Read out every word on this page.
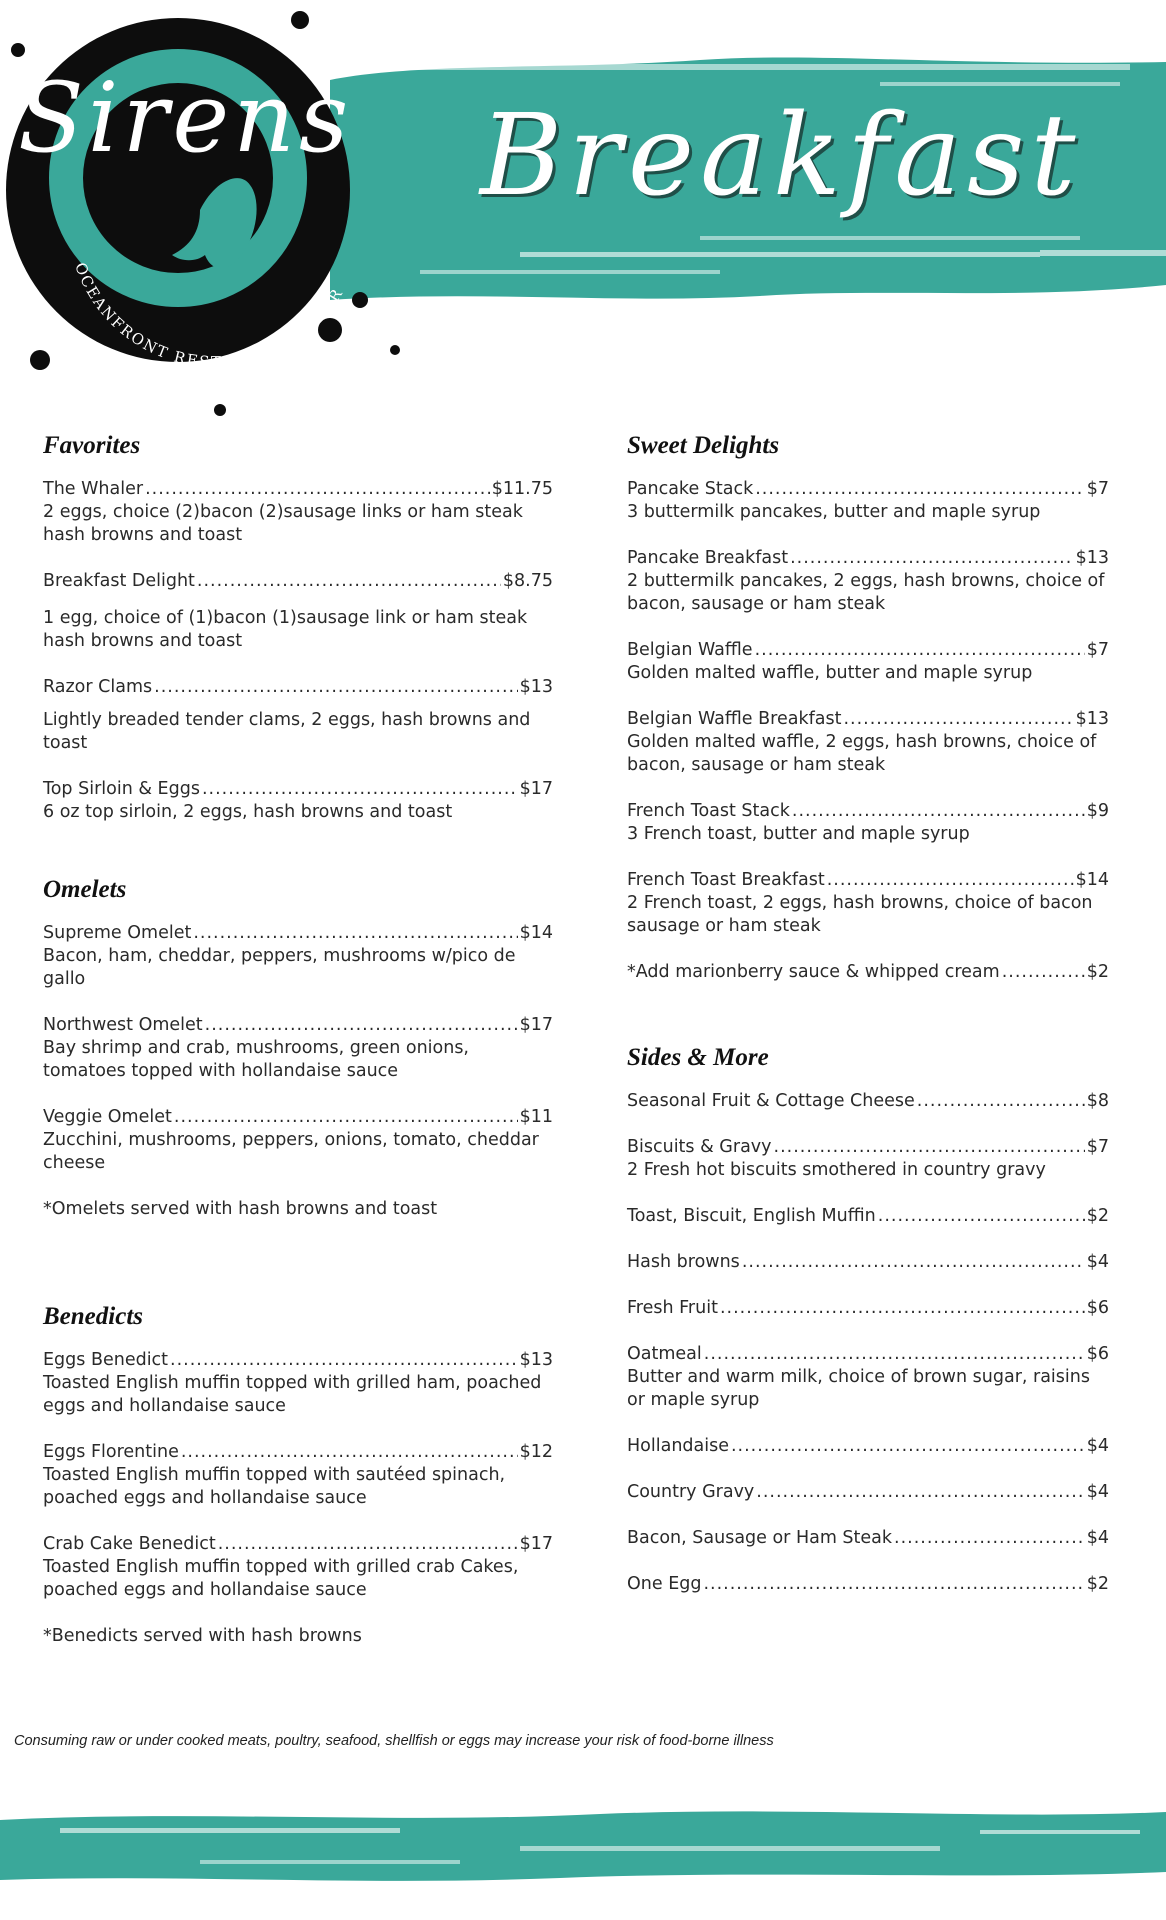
Sirens
OCEANFRONT RESTAURANT & BAR
Breakfast
Favorites
The Whaler .....	$11.75
2 eggs, choice (2)bacon (2)sausage links or ham steak hash browns and toast
Breakfast Delight .....	$8.75
1 egg, choice of (1)bacon (1)sausage link or ham steak hash browns and toast
Razor Clams .....	$13
Lightly breaded tender clams, 2 eggs, hash browns and toast
Top Sirloin & Eggs .....	$17
6 oz top sirloin, 2 eggs, hash browns and toast
Omelets
Supreme Omelet .....	$14
Bacon, ham, cheddar, peppers, mushrooms w/pico de gallo
Northwest Omelet .....	$17
Bay shrimp and crab, mushrooms, green onions, tomatoes topped with hollandaise sauce
Veggie Omelet .....	$11
Zucchini, mushrooms, peppers, onions, tomato, cheddar cheese
*Omelets served with hash browns and toast
Benedicts
Eggs Benedict .....	$13
Toasted English muffin topped with grilled ham, poached eggs and hollandaise sauce
Eggs Florentine .....	$12
Toasted English muffin topped with sautéed spinach, poached eggs and hollandaise sauce
Crab Cake Benedict .....	$17
Toasted English muffin topped with grilled crab Cakes, poached eggs and hollandaise sauce
*Benedicts served with hash browns
Sweet Delights
Pancake Stack .....	$7
3 buttermilk pancakes, butter and maple syrup
Pancake Breakfast .....	$13
2 buttermilk pancakes, 2 eggs, hash browns, choice of bacon, sausage or ham steak
Belgian Waffle .....	$7
Golden malted waffle, butter and maple syrup
Belgian Waffle Breakfast .....	$13
Golden malted waffle, 2 eggs, hash browns, choice of bacon, sausage or ham steak
French Toast Stack .....	$9
3 French toast, butter and maple syrup
French Toast Breakfast .....	$14
2 French toast, 2 eggs, hash browns, choice of bacon sausage or ham steak
*Add marionberry sauce & whipped cream .....	$2
Sides & More
Seasonal Fruit & Cottage Cheese .....	$8
Biscuits & Gravy .....	$7
2 Fresh hot biscuits smothered in country gravy
Toast, Biscuit, English Muffin .....	$2
Hash browns .....	$4
Fresh Fruit .....	$6
Oatmeal .....	$6
Butter and warm milk, choice of brown sugar, raisins or maple syrup
Hollandaise .....	$4
Country Gravy .....	$4
Bacon, Sausage or Ham Steak .....	$4
One Egg .....	$2
Consuming raw or under cooked meats, poultry, seafood, shellfish or eggs may increase your risk of food-borne illness
